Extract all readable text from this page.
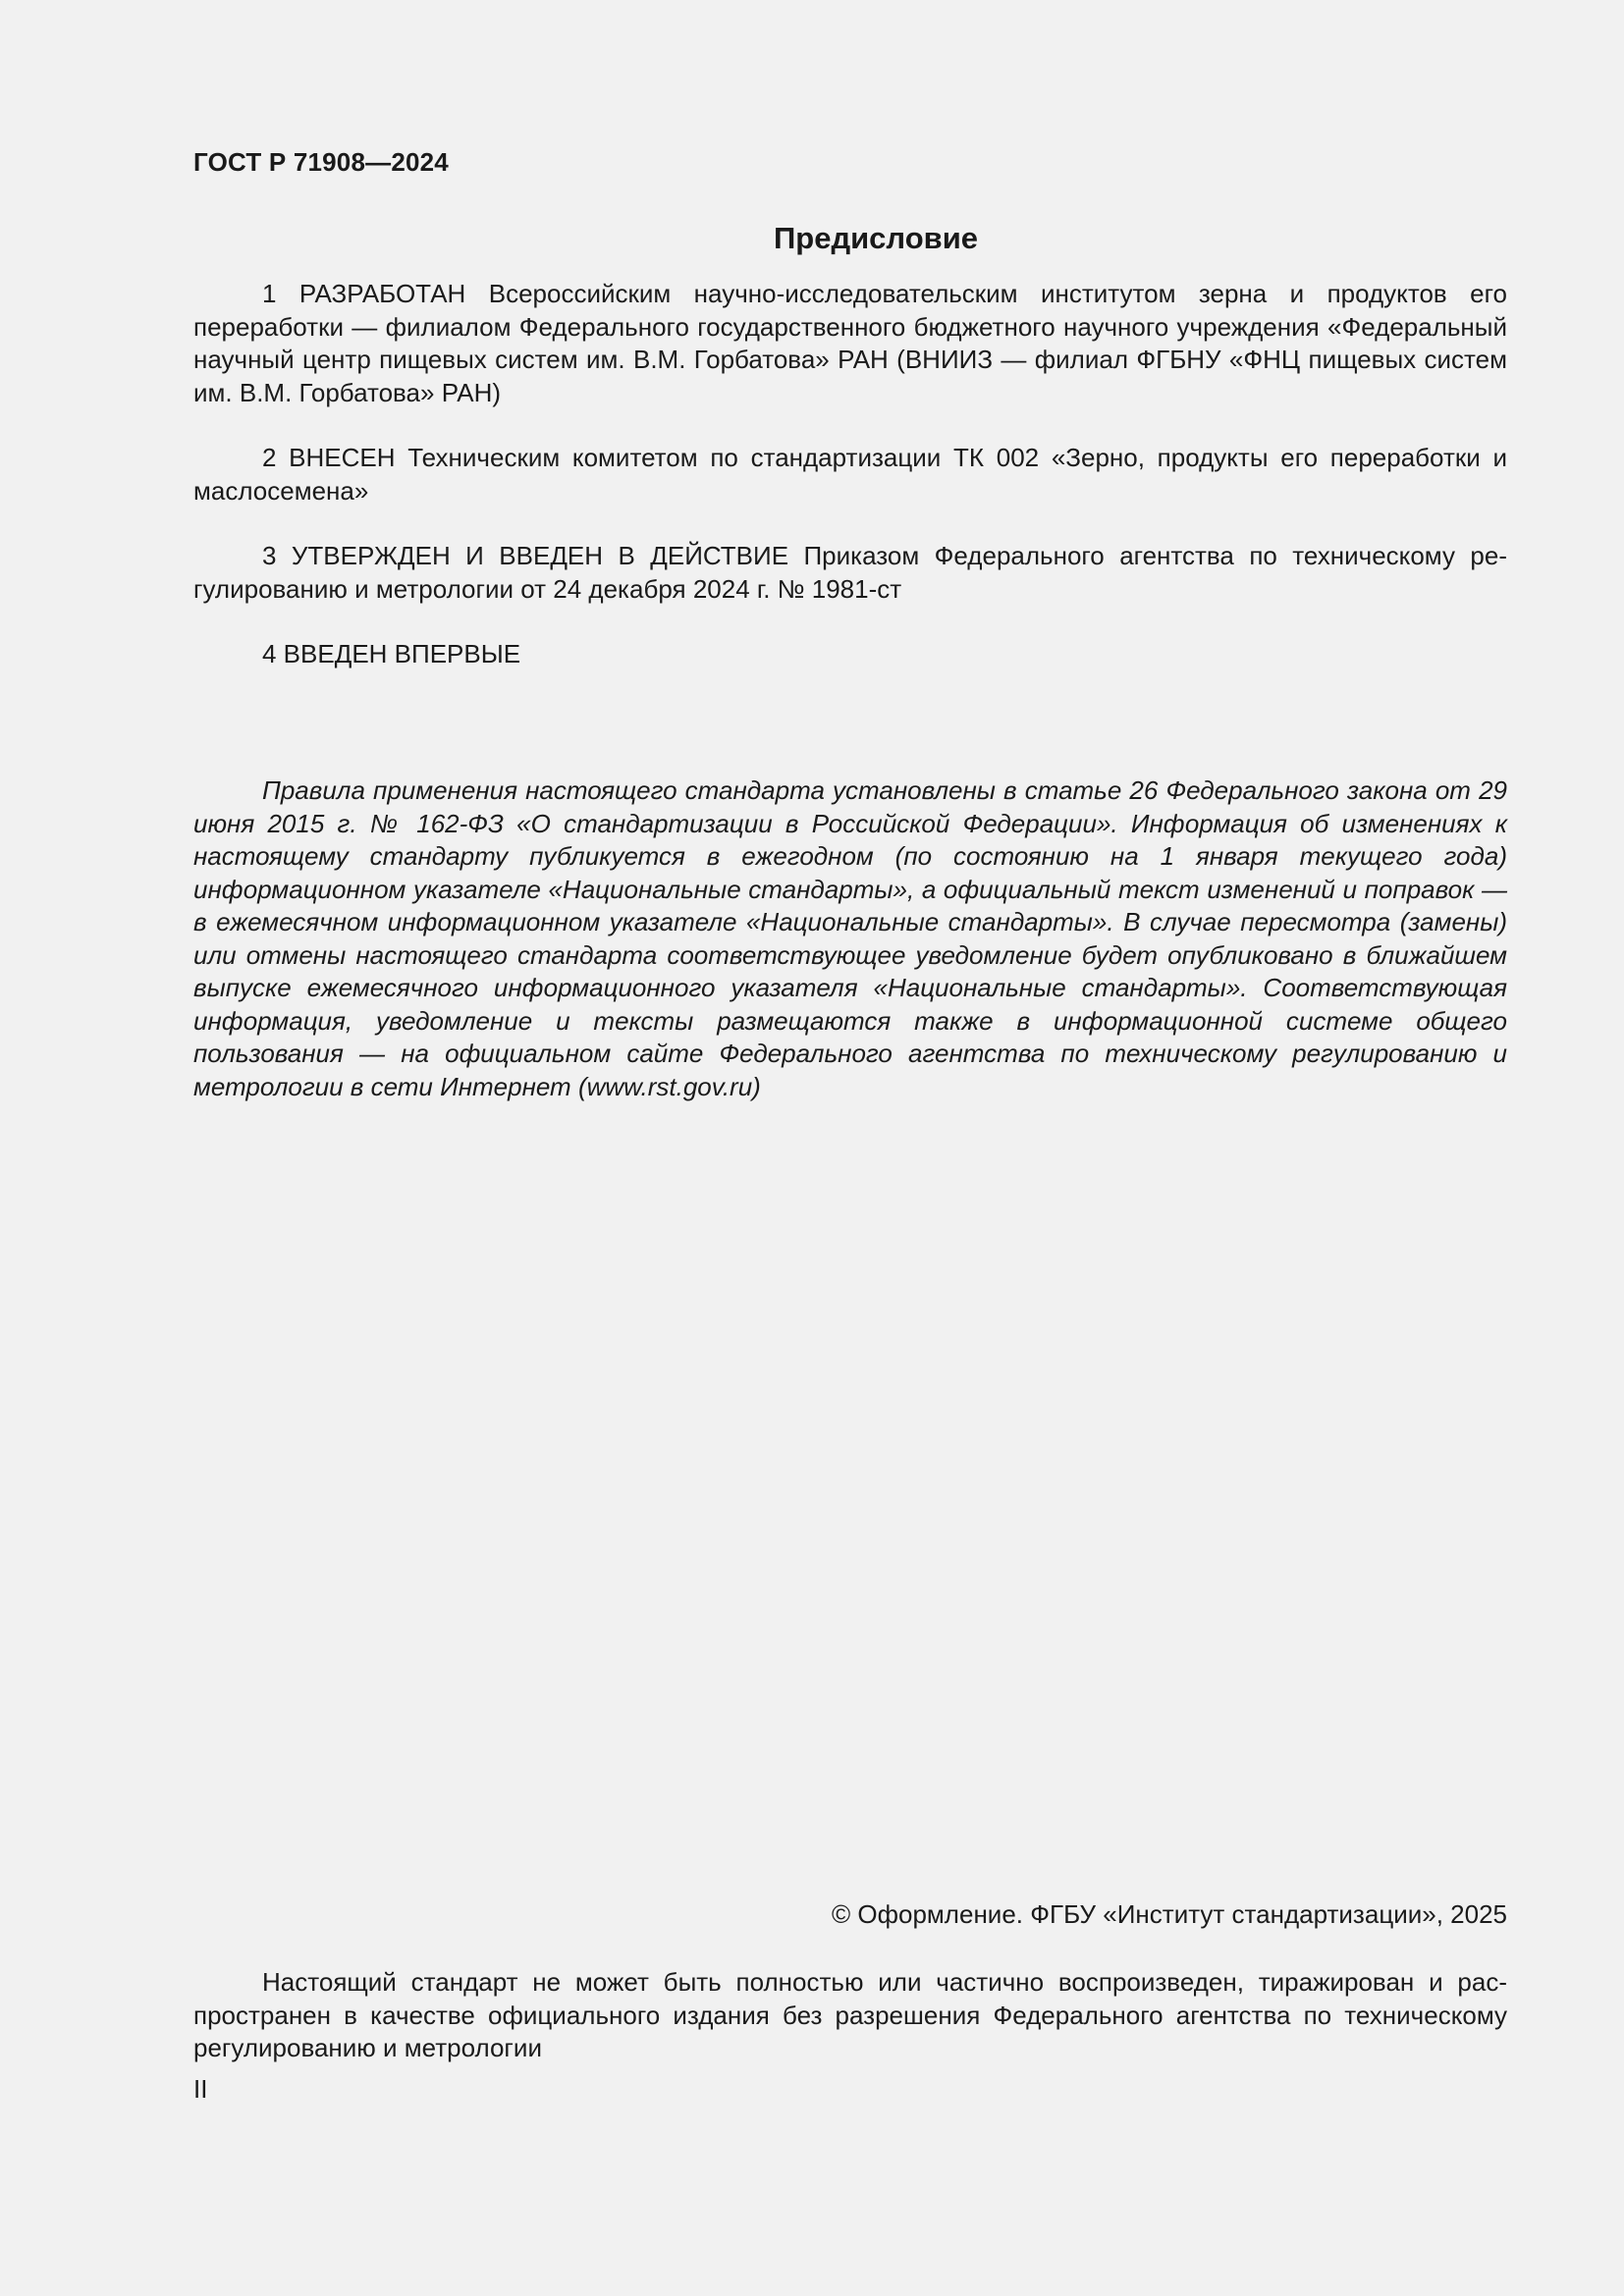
ГОСТ Р 71908—2024
Предисловие

1 РАЗРАБОТАН Всероссийским научно-исследовательским институтом зерна и продуктов его переработки — филиалом Федерального государственного бюджетного научного учреждения «Федеральный научный центр пищевых систем им. В.М. Горбатова» РАН (ВНИИЗ — филиал ФГБНУ «ФНЦ пищевых систем им. В.М. Горбатова» РАН)

2 ВНЕСЕН Техническим комитетом по стандартизации ТК 002 «Зерно, продукты его переработки и маслосемена»

3 УТВЕРЖДЕН И ВВЕДЕН В ДЕЙСТВИЕ Приказом Федерального агентства по техническому регулированию и метрологии от 24 декабря 2024 г. № 1981-ст

4 ВВЕДЕН ВПЕРВЫЕ

Правила применения настоящего стандарта установлены в статье 26 Федерального закона от 29 июня 2015 г. № 162-ФЗ «О стандартизации в Российской Федерации». Информация об изменениях к настоящему стандарту публикуется в ежегодном (по состоянию на 1 января текущего года) информационном указателе «Национальные стандарты», а официальный текст изменений и поправок — в ежемесячном информационном указателе «Национальные стандарты». В случае пересмотра (замены) или отмены настоящего стандарта соответствующее уведомление будет опубликовано в ближайшем выпуске ежемесячного информационного указателя «Национальные стандарты». Соответствующая информация, уведомление и тексты размещаются также в информационной системе общего пользования — на официальном сайте Федерального агентства по техническому регулированию и метрологии в сети Интернет (www.rst.gov.ru)

© Оформление. ФГБУ «Институт стандартизации», 2025

Настоящий стандарт не может быть полностью или частично воспроизведен, тиражирован и распространен в качестве официального издания без разрешения Федерального агентства по техническому регулированию и метрологии

II
